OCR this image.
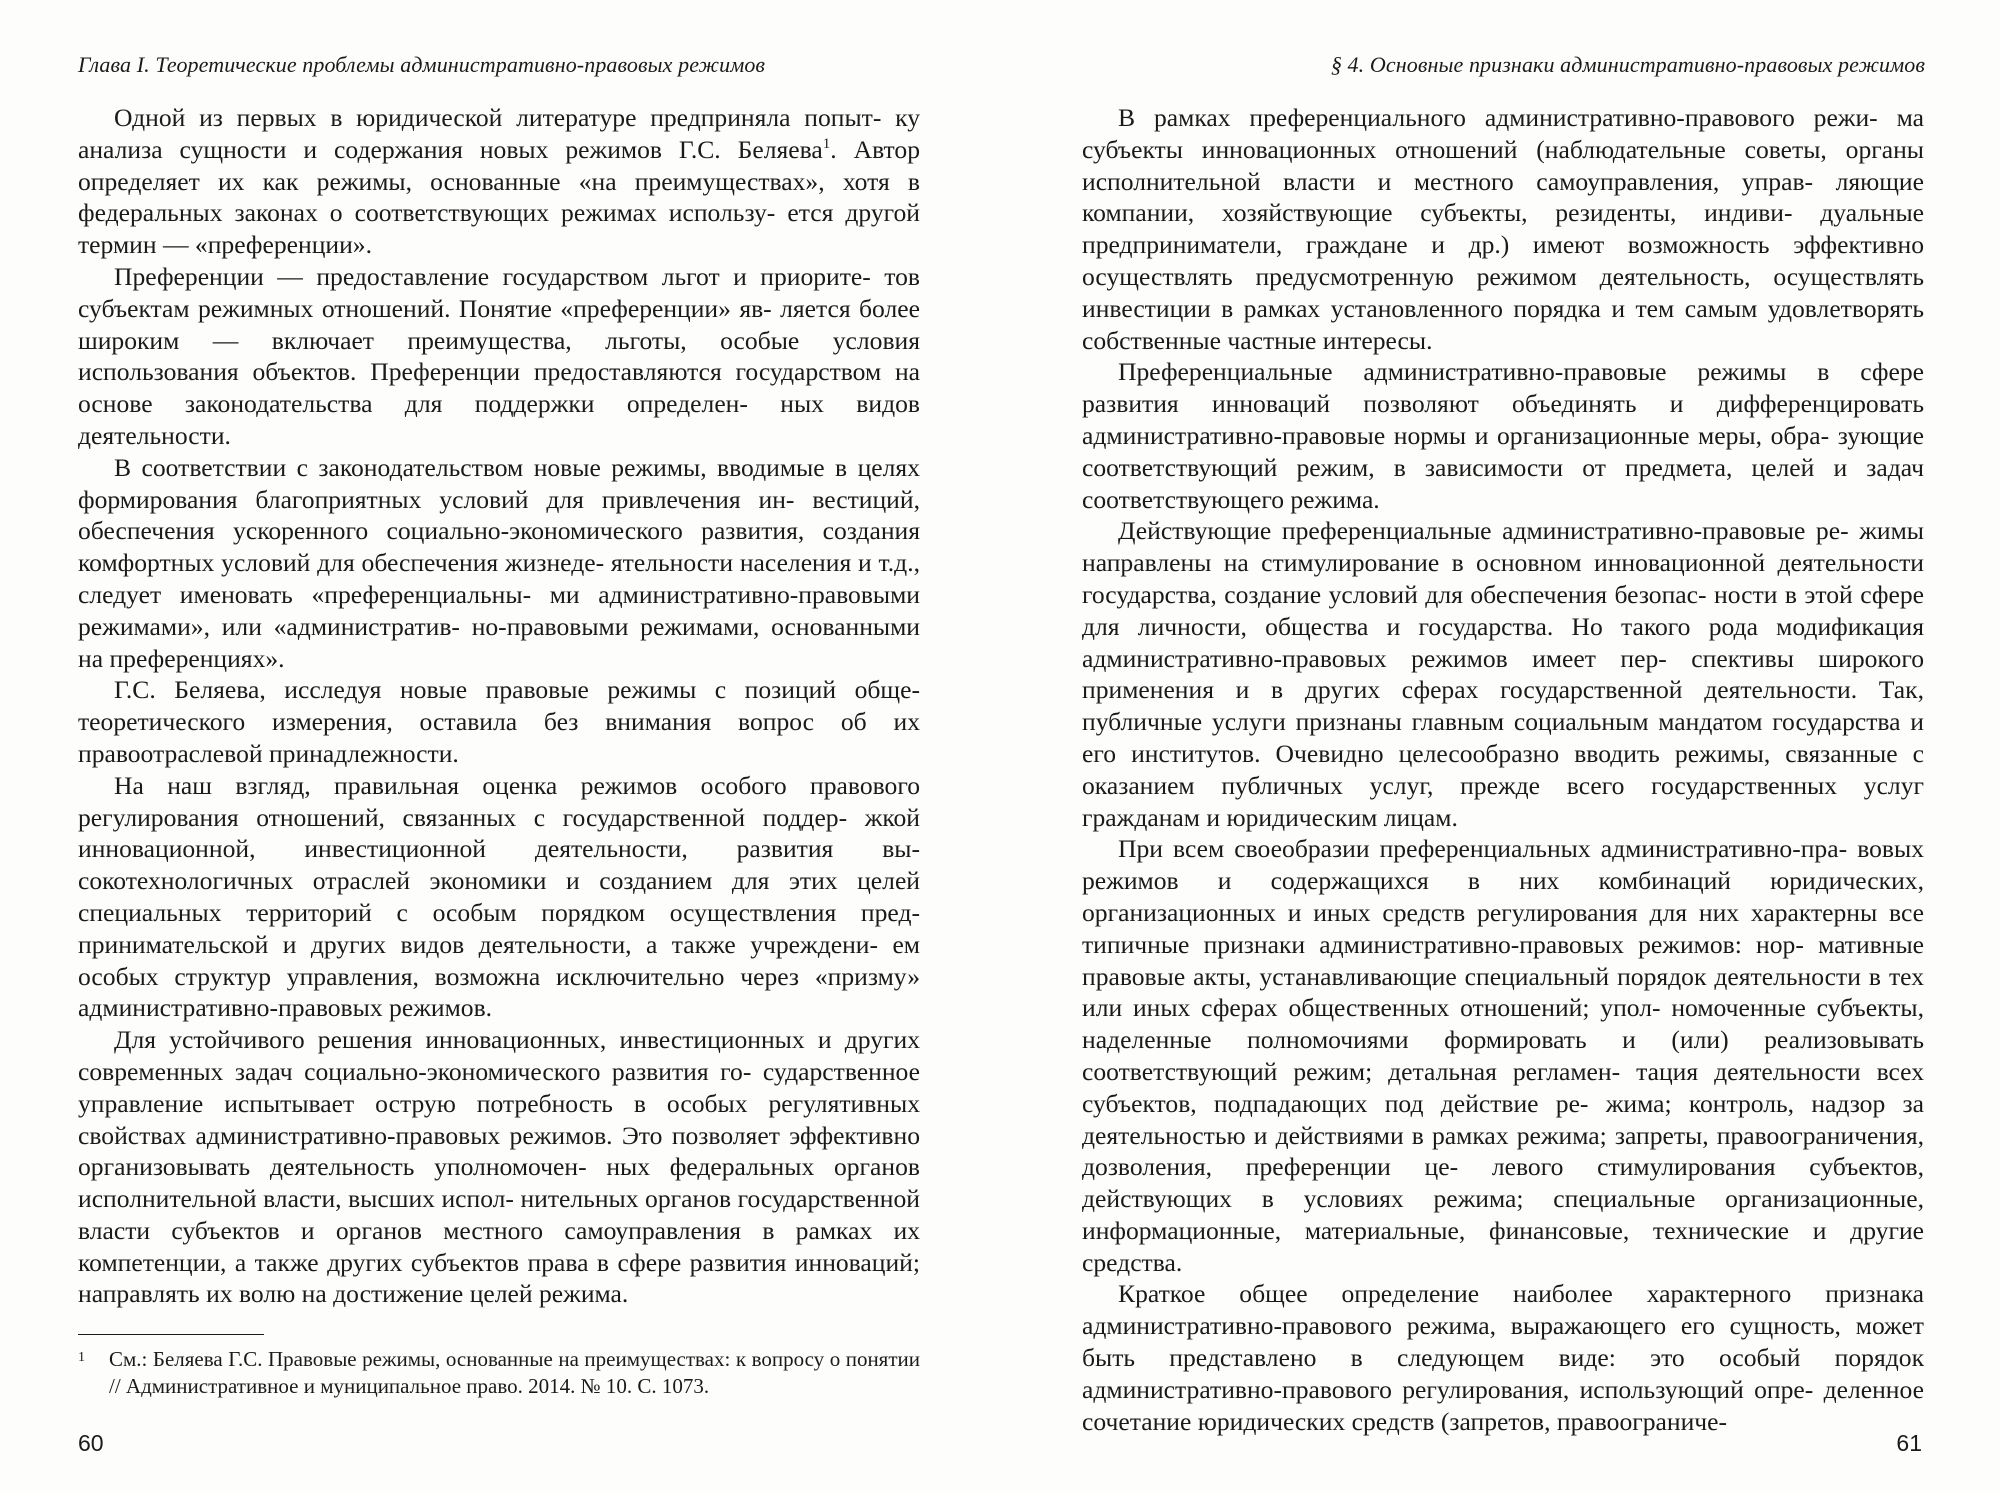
Глава I. Теоретические проблемы административно-правовых режимов

Одной из первых в юридической литературе предприняла попыт- ку анализа сущности и содержания новых режимов Г.С. Беляева$^1$. Автор определяет их как режимы, основанные «на преимуществах», хотя в федеральных законах о соответствующих режимах использу- ется другой термин — «преференции».

Преференции — предоставление государством льгот и приорите- тов субъектам режимных отношений. Понятие «преференции» яв- ляется более широким — включает преимущества, льготы, особые условия использования объектов. Преференции предоставляются государством на основе законодательства для поддержки определен- ных видов деятельности.

В соответствии с законодательством новые режимы, вводимые в целях формирования благоприятных условий для привлечения ин- вестиций, обеспечения ускоренного социально-экономического развития, создания комфортных условий для обеспечения жизнеде- ятельности населения и т.д., следует именовать «преференциальны- ми административно-правовыми режимами», или «административ- но-правовыми режимами, основанными на преференциях».

Г.С. Беляева, исследуя новые правовые режимы с позиций обще- теоретического измерения, оставила без внимания вопрос об их правоотраслевой принадлежности.

На наш взгляд, правильная оценка режимов особого правового регулирования отношений, связанных с государственной поддер- жкой инновационной, инвестиционной деятельности, развития вы- сокотехнологичных отраслей экономики и созданием для этих целей специальных территорий с особым порядком осуществления пред- принимательской и других видов деятельности, а также учреждени- ем особых структур управления, возможна исключительно через «призму» административно-правовых режимов.

Для устойчивого решения инновационных, инвестиционных и других современных задач социально-экономического развития го- сударственное управление испытывает острую потребность в особых регулятивных свойствах административно-правовых режимов. Это позволяет эффективно организовывать деятельность уполномочен- ных федеральных органов исполнительной власти, высших испол- нительных органов государственной власти субъектов и органов местного самоуправления в рамках их компетенции, а также других субъектов права в сфере развития инноваций; направлять их волю на достижение целей режима.

1 См.: Беляева Г.С. Правовые режимы, основанные на преимуществах: к вопросу о понятии // Административное и муниципальное право. 2014. № 10. С. 1073.
60
§ 4. Основные признаки административно-правовых режимов

В рамках преференциального административно-правового режи- ма субъекты инновационных отношений (наблюдательные советы, органы исполнительной власти и местного самоуправления, управ- ляющие компании, хозяйствующие субъекты, резиденты, индиви- дуальные предприниматели, граждане и др.) имеют возможность эффективно осуществлять предусмотренную режимом деятельность, осуществлять инвестиции в рамках установленного порядка и тем самым удовлетворять собственные частные интересы.

Преференциальные административно-правовые режимы в сфере развития инноваций позволяют объединять и дифференцировать административно-правовые нормы и организационные меры, обра- зующие соответствующий режим, в зависимости от предмета, целей и задач соответствующего режима.

Действующие преференциальные административно-правовые ре- жимы направлены на стимулирование в основном инновационной деятельности государства, создание условий для обеспечения безопас- ности в этой сфере для личности, общества и государства. Но такого рода модификация административно-правовых режимов имеет пер- спективы широкого применения и в других сферах государственной деятельности. Так, публичные услуги признаны главным социальным мандатом государства и его институтов. Очевидно целесообразно вводить режимы, связанные с оказанием публичных услуг, прежде всего государственных услуг гражданам и юридическим лицам.

При всем своеобразии преференциальных административно-пра- вовых режимов и содержащихся в них комбинаций юридических, организационных и иных средств регулирования для них характерны все типичные признаки административно-правовых режимов: нор- мативные правовые акты, устанавливающие специальный порядок деятельности в тех или иных сферах общественных отношений; упол- номоченные субъекты, наделенные полномочиями формировать и (или) реализовывать соответствующий режим; детальная регламен- тация деятельности всех субъектов, подпадающих под действие ре- жима; контроль, надзор за деятельностью и действиями в рамках режима; запреты, правоограничения, дозволения, преференции це- левого стимулирования субъектов, действующих в условиях режима; специальные организационные, информационные, материальные, финансовые, технические и другие средства.

Краткое общее определение наиболее характерного признака административно-правового режима, выражающего его сущность, может быть представлено в следующем виде: это особый порядок административно-правового регулирования, использующий опре- деленное сочетание юридических средств (запретов, правоограниче-

61
